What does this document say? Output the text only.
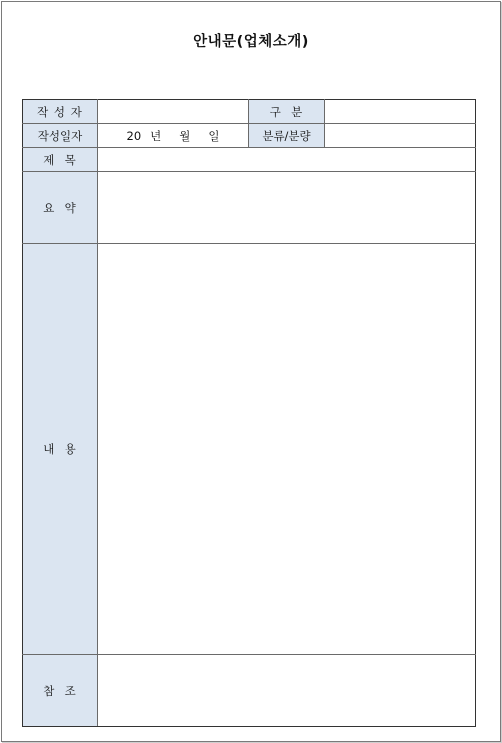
안내문(업체소개)
작 성 자		구  분	
작성일자	20 년 월 일	분류/분량	
제  목			
요  약			
내  용			
참  조			
